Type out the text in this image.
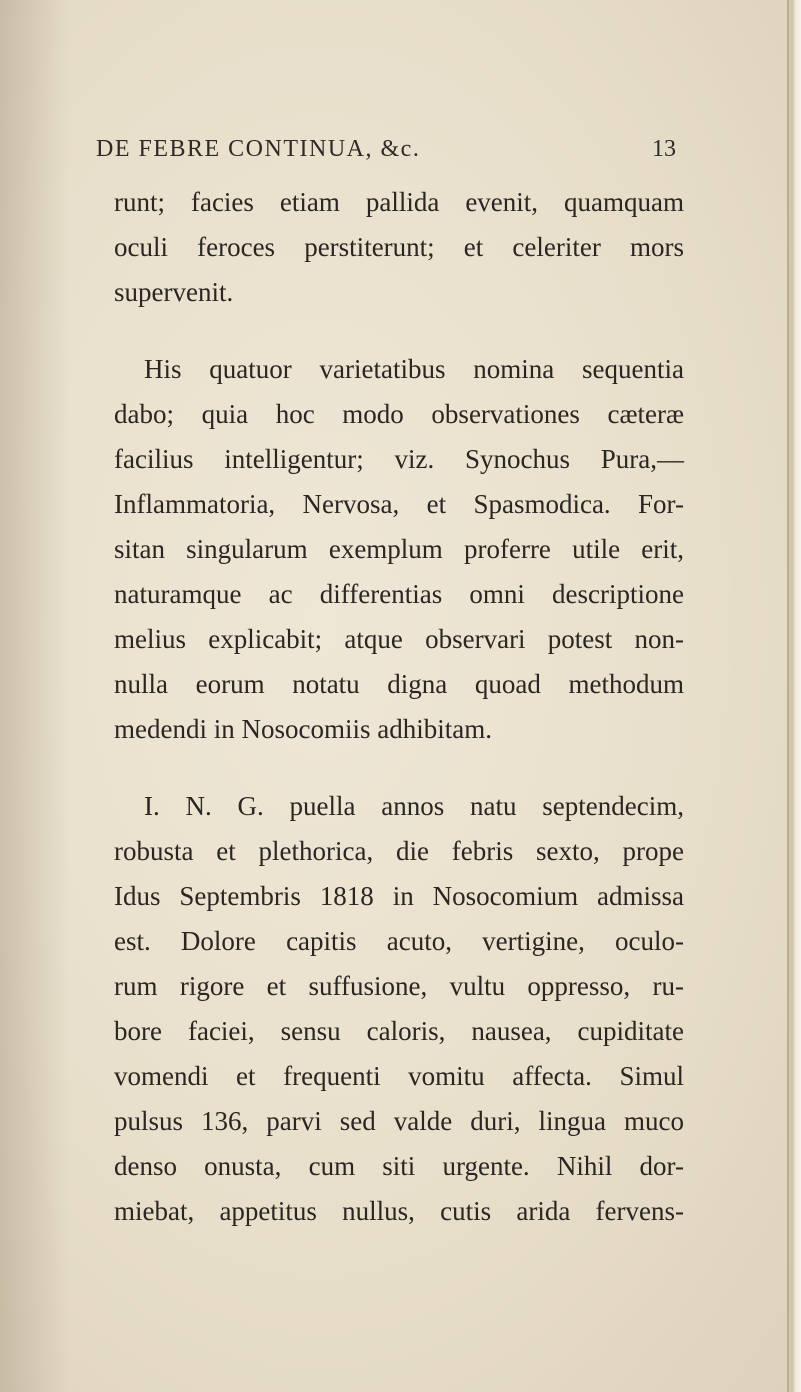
DE FEBRE CONTINUA, &c.	13
runt; facies etiam pallida evenit, quamquam
oculi feroces perstiterunt; et celeriter mors
supervenit.
His quatuor varietatibus nomina sequentia
dabo; quia hoc modo observationes cæteræ
facilius intelligentur; viz. Synochus Pura,—
Inflammatoria, Nervosa, et Spasmodica. For-
sitan singularum exemplum proferre utile erit,
naturamque ac differentias omni descriptione
melius explicabit; atque observari potest non-
nulla eorum notatu digna quoad methodum
medendi in Nosocomiis adhibitam.
I. N. G. puella annos natu septendecim,
robusta et plethorica, die febris sexto, prope
Idus Septembris 1818 in Nosocomium admissa
est. Dolore capitis acuto, vertigine, oculo-
rum rigore et suffusione, vultu oppresso, ru-
bore faciei, sensu caloris, nausea, cupiditate
vomendi et frequenti vomitu affecta. Simul
pulsus 136, parvi sed valde duri, lingua muco
denso onusta, cum siti urgente. Nihil dor-
miebat, appetitus nullus, cutis arida fervens-
